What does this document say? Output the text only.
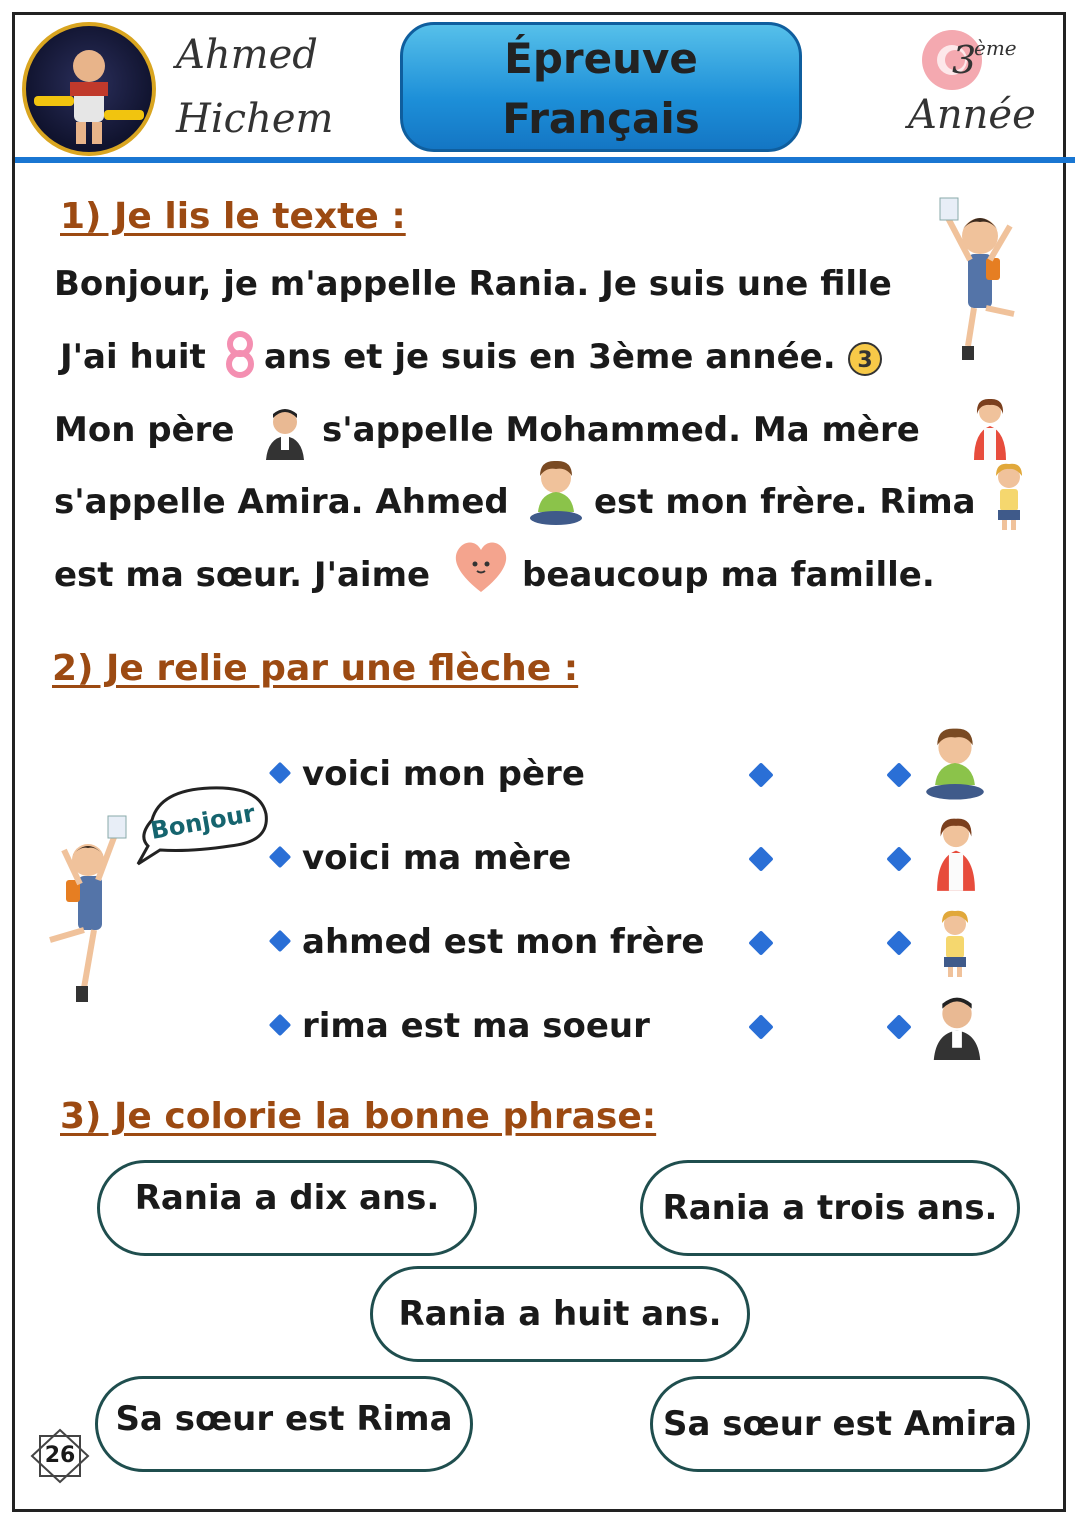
Ahmed
Hichem
Épreuve
Français
3
ème
Année
1) Je lis le texte :
Bonjour, je m'appelle Rania. Je suis une fille
J'ai huit ans et je suis en 3ème année. 3
Mon père	s'appelle Mohammed. Ma mère
s'appelle Amira. Ahmed	est mon frère. Rima
est ma sœur. J'aime	beaucoup ma famille.
2) Je relie par une flèche :
Bonjour
voici mon père
voici ma mère
ahmed est mon frère
rima est ma soeur
3) Je colorie la bonne phrase:
Rania a dix ans.	Rania a trois ans.
Rania a huit ans.
Sa sœur est Rima	Sa sœur est Amira
26
